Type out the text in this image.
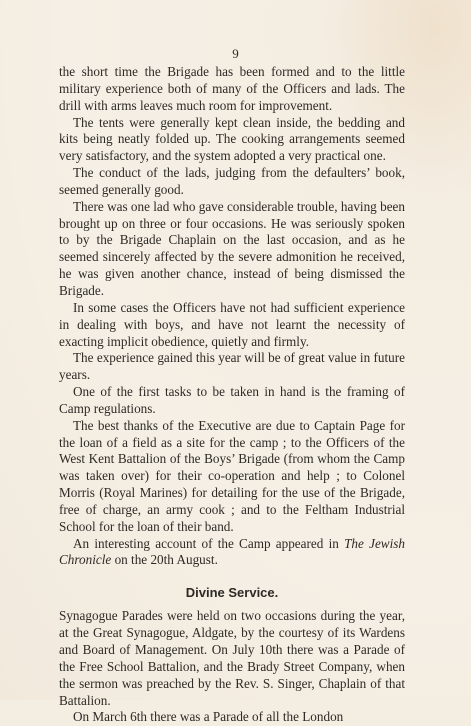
9

the short time the Brigade has been formed and to the little military experience both of many of the Officers and lads. The drill with arms leaves much room for improvement.

The tents were generally kept clean inside, the bedding and kits being neatly folded up. The cooking arrangements seemed very satisfactory, and the system adopted a very practical one.

The conduct of the lads, judging from the defaulters’ book, seemed generally good.

There was one lad who gave considerable trouble, having been brought up on three or four occasions. He was seriously spoken to by the Brigade Chaplain on the last occasion, and as he seemed sincerely affected by the severe admonition he received, he was given another chance, instead of being dismissed the Brigade.

In some cases the Officers have not had sufficient experience in dealing with boys, and have not learnt the necessity of exacting implicit obedience, quietly and firmly.

The experience gained this year will be of great value in future years.

One of the first tasks to be taken in hand is the framing of Camp regulations.

The best thanks of the Executive are due to Captain Page for the loan of a field as a site for the camp ; to the Officers of the West Kent Battalion of the Boys’ Brigade (from whom the Camp was taken over) for their co-operation and help ; to Colonel Morris (Royal Marines) for detailing for the use of the Brigade, free of charge, an army cook ; and to the Feltham Industrial School for the loan of their band.

An interesting account of the Camp appeared in The Jewish Chronicle on the 20th August.

Divine Service.

Synagogue Parades were held on two occasions during the year, at the Great Synagogue, Aldgate, by the courtesy of its Wardens and Board of Management. On July 10th there was a Parade of the Free School Battalion, and the Brady Street Company, when the sermon was preached by the Rev. S. Singer, Chaplain of that Battalion.

On March 6th there was a Parade of all the London
